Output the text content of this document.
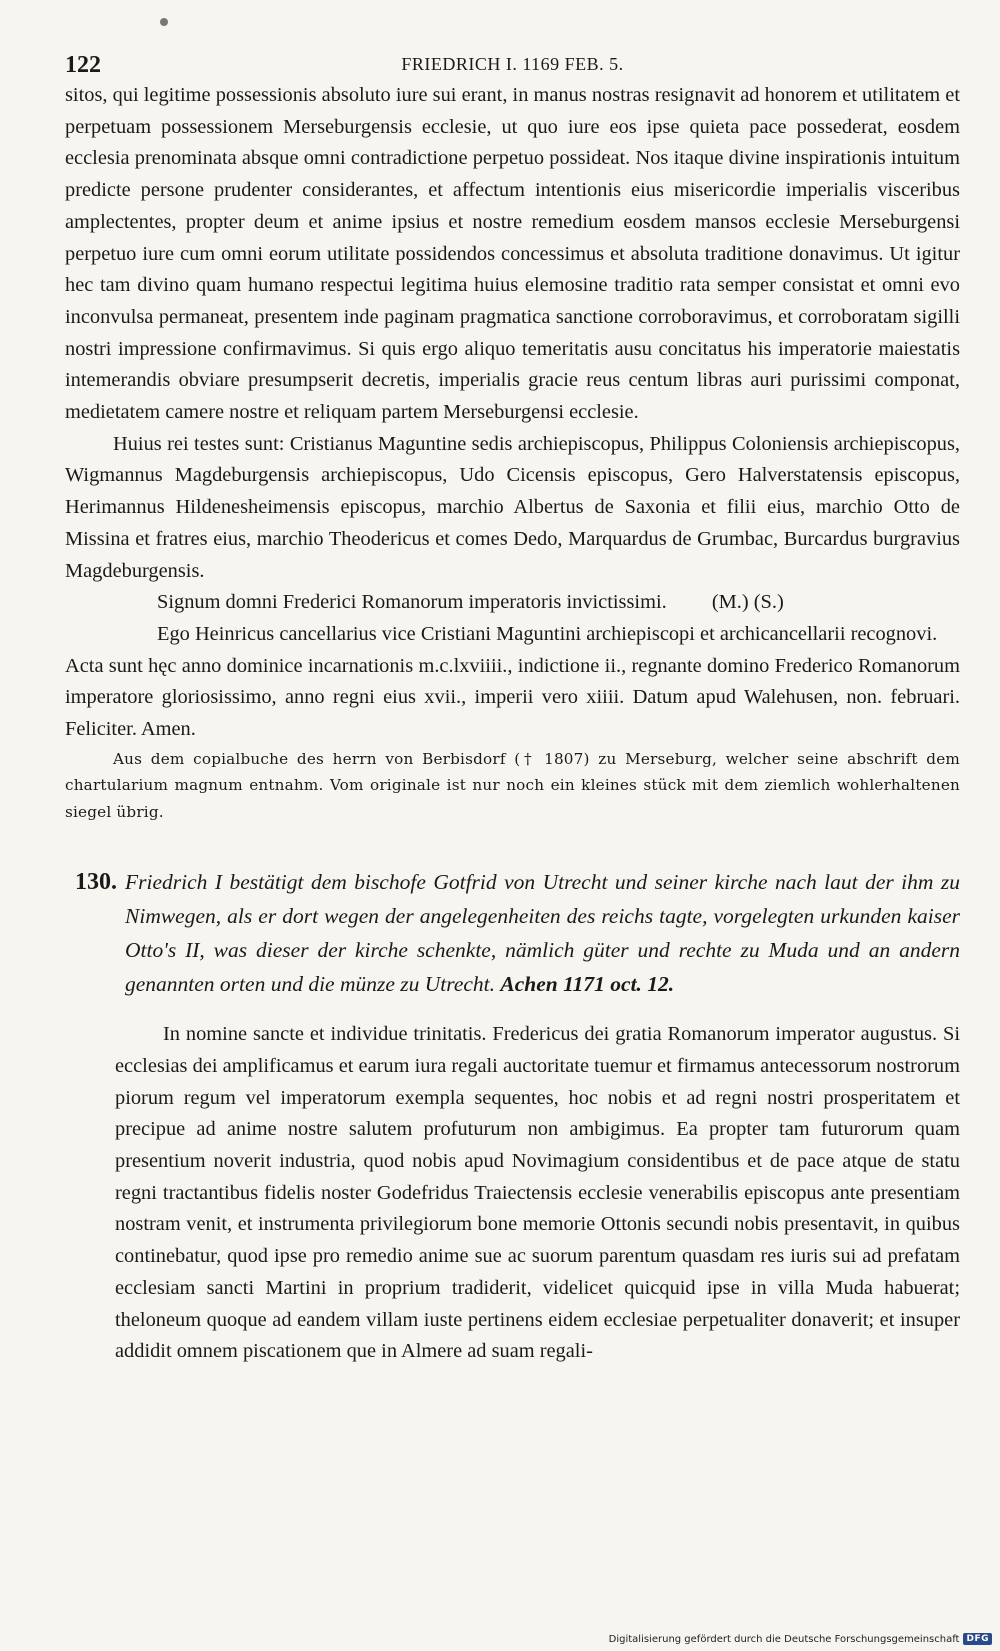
122	FRIEDRICH I. 1169 FEB. 5.

sitos, qui legitime possessionis absoluto iure sui erant, in manus nostras resignavit ad honorem et utilitatem et perpetuam possessionem Merseburgensis ecclesie, ut quo iure eos ipse quieta pace possederat, eosdem ecclesia prenominata absque omni contradictione perpetuo possideat. Nos itaque divine inspirationis intuitum predicte persone prudenter considerantes, et affectum intentionis eius misericordie imperialis visceribus amplectentes, propter deum et anime ipsius et nostre remedium eosdem mansos ecclesie Merseburgensi perpetuo iure cum omni eorum utilitate possidendos concessimus et absoluta traditione donavimus. Ut igitur hec tam divino quam humano respectui legitima huius elemosine traditio rata semper consistat et omni evo inconvulsa permaneat, presentem inde paginam pragmatica sanctione corroboravimus, et corroboratam sigilli nostri impressione confirmavimus. Si quis ergo aliquo temeritatis ausu concitatus his imperatorie maiestatis intemerandis obviare presumpserit decretis, imperialis gracie reus centum libras auri purissimi componat, medietatem camere nostre et reliquam partem Merseburgensi ecclesie.

Huius rei testes sunt: Cristianus Maguntine sedis archiepiscopus, Philippus Coloniensis archiepiscopus, Wigmannus Magdeburgensis archiepiscopus, Udo Cicensis episcopus, Gero Halverstatensis episcopus, Herimannus Hildenesheimensis episcopus, marchio Albertus de Saxonia et filii eius, marchio Otto de Missina et fratres eius, marchio Theodericus et comes Dedo, Marquardus de Grumbac, Burcardus burgravius Magdeburgensis.

Signum domni Frederici Romanorum imperatoris invictissimi. (M.) (S.)

Ego Heinricus cancellarius vice Cristiani Maguntini archiepiscopi et archicancellarii recognovi.

Acta sunt hęc anno dominice incarnationis m.c.lxviiii., indictione ii., regnante domino Frederico Romanorum imperatore gloriosissimo, anno regni eius xvii., imperii vero xiiii. Datum apud Walehusen, non. februari. Feliciter. Amen.

Aus dem copialbuche des herrn von Berbisdorf († 1807) zu Merseburg, welcher seine abschrift dem chartularium magnum entnahm. Vom originale ist nur noch ein kleines stück mit dem ziemlich wohlerhaltenen siegel übrig.

130. Friedrich I bestätigt dem bischofe Gotfrid von Utrecht und seiner kirche nach laut der ihm zu Nimwegen, als er dort wegen der angelegenheiten des reichs tagte, vorgelegten urkunden kaiser Otto's II, was dieser der kirche schenkte, nämlich güter und rechte zu Muda und an andern genannten orten und die münze zu Utrecht. Achen 1171 oct. 12.

In nomine sancte et individue trinitatis. Fredericus dei gratia Romanorum imperator augustus. Si ecclesias dei amplificamus et earum iura regali auctoritate tuemur et firmamus antecessorum nostrorum piorum regum vel imperatorum exempla sequentes, hoc nobis et ad regni nostri prosperitatem et precipue ad anime nostre salutem profuturum non ambigimus. Ea propter tam futurorum quam presentium noverit industria, quod nobis apud Novimagium considentibus et de pace atque de statu regni tractantibus fidelis noster Godefridus Traiectensis ecclesie venerabilis episcopus ante presentiam nostram venit, et instrumenta privilegiorum bone memorie Ottonis secundi nobis presentavit, in quibus continebatur, quod ipse pro remedio anime sue ac suorum parentum quasdam res iuris sui ad prefatam ecclesiam sancti Martini in proprium tradiderit, videlicet quicquid ipse in villa Muda habuerat; theloneum quoque ad eandem villam iuste pertinens eidem ecclesiae perpetualiter donaverit; et insuper addidit omnem piscationem que in Almere ad suam regali-

Digitalisierung gefördert durch die Deutsche Forschungsgemeinschaft DFG
